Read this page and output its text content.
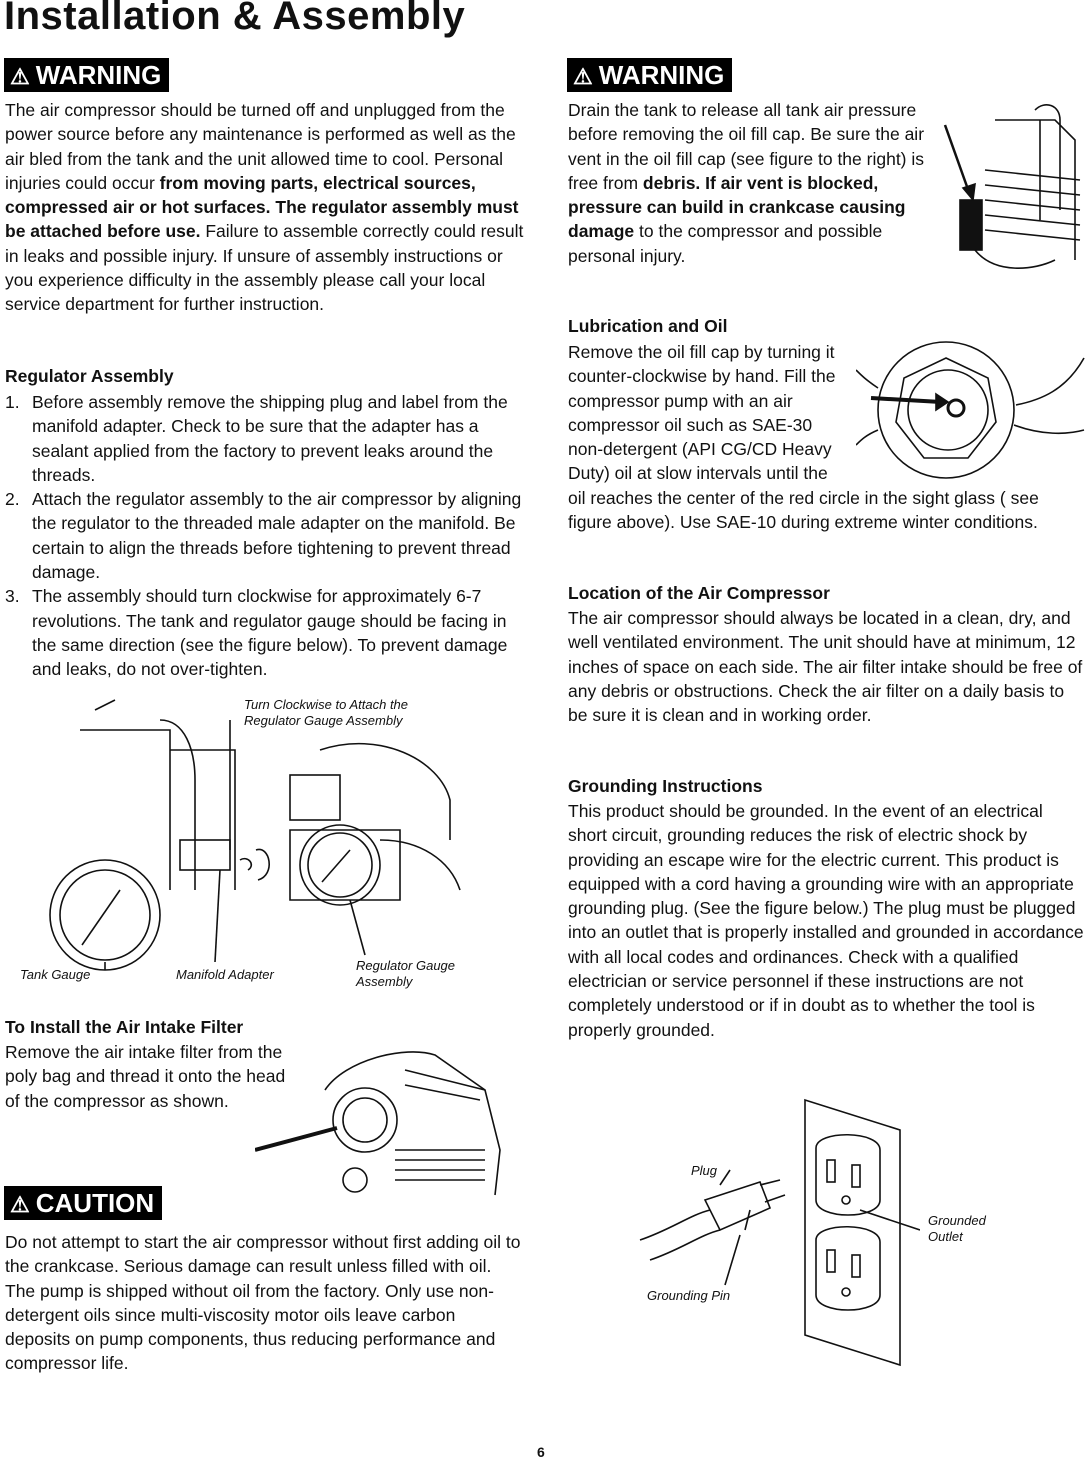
Installation & Assembly
⚠ WARNING

The air compressor should be turned off and unplugged from the power source before any maintenance is performed as well as the air bled from the tank and the unit allowed time to cool. Personal injuries could occur from moving parts, electrical sources, compressed air or hot surfaces. The regulator assembly must be attached before use. Failure to assemble correctly could result in leaks and possible injury. If unsure of assembly instructions or you experience difficulty in the assembly please call your local service department for further instruction.

Regulator Assembly

1. Before assembly remove the shipping plug and label from the manifold adapter. Check to be sure that the adapter has a sealant applied from the factory to prevent leaks around the threads.
2. Attach the regulator assembly to the air compressor by aligning the regulator to the threaded male adapter on the manifold. Be certain to align the threads before tightening to prevent thread damage.
3. The assembly should turn clockwise for approximately 6-7 revolutions. The tank and regulator gauge should be facing in the same direction (see the figure below). To prevent damage and leaks, do not over-tighten.
Turn Clockwise to Attach the Regulator Gauge Assembly
Tank Gauge	Manifold Adapter
Regulator Gauge Assembly

To Install the Air Intake Filter

Remove the air intake filter from the poly bag and thread it onto the head of the compressor as shown.

⚠ CAUTION

Do not attempt to start the air compressor without first adding oil to the crankcase. Serious damage can result unless filled with oil. The pump is shipped without oil from the factory. Only use non-detergent oils since multi-viscosity motor oils leave carbon deposits on pump components, thus reducing performance and compressor life.

⚠ WARNING

Drain the tank to release all tank air pressure before removing the oil fill cap. Be sure the air vent in the oil fill cap (see figure to the right) is free from debris. If air vent is blocked, pressure can build in crankcase causing damage to the compressor and possible personal injury.

Lubrication and Oil

Remove the oil fill cap by turning it counter-clockwise by hand. Fill the compressor pump with an air compressor oil such as SAE-30 non-detergent (API CG/CD Heavy Duty) oil at slow intervals until the oil reaches the center of the red circle in the sight glass ( see figure above). Use SAE-10 during extreme winter conditions.

Location of the Air Compressor

The air compressor should always be located in a clean, dry, and well ventilated environment. The unit should have at minimum, 12 inches of space on each side. The air filter intake should be free of any debris or obstructions. Check the air filter on a daily basis to be sure it is clean and in working order.

Grounding Instructions

This product should be grounded. In the event of an electrical short circuit, grounding reduces the risk of electric shock by providing an escape wire for the electric current. This product is equipped with a cord having a grounding wire with an appropriate grounding plug. (See the figure below.) The plug must be plugged into an outlet that is properly installed and grounded in accordance with all local codes and ordinances. Check with a qualified electrician or service personnel if these instructions are not completely understood or if in doubt as to whether the tool is properly grounded.

Plug
Grounded Outlet
Grounding Pin
6
